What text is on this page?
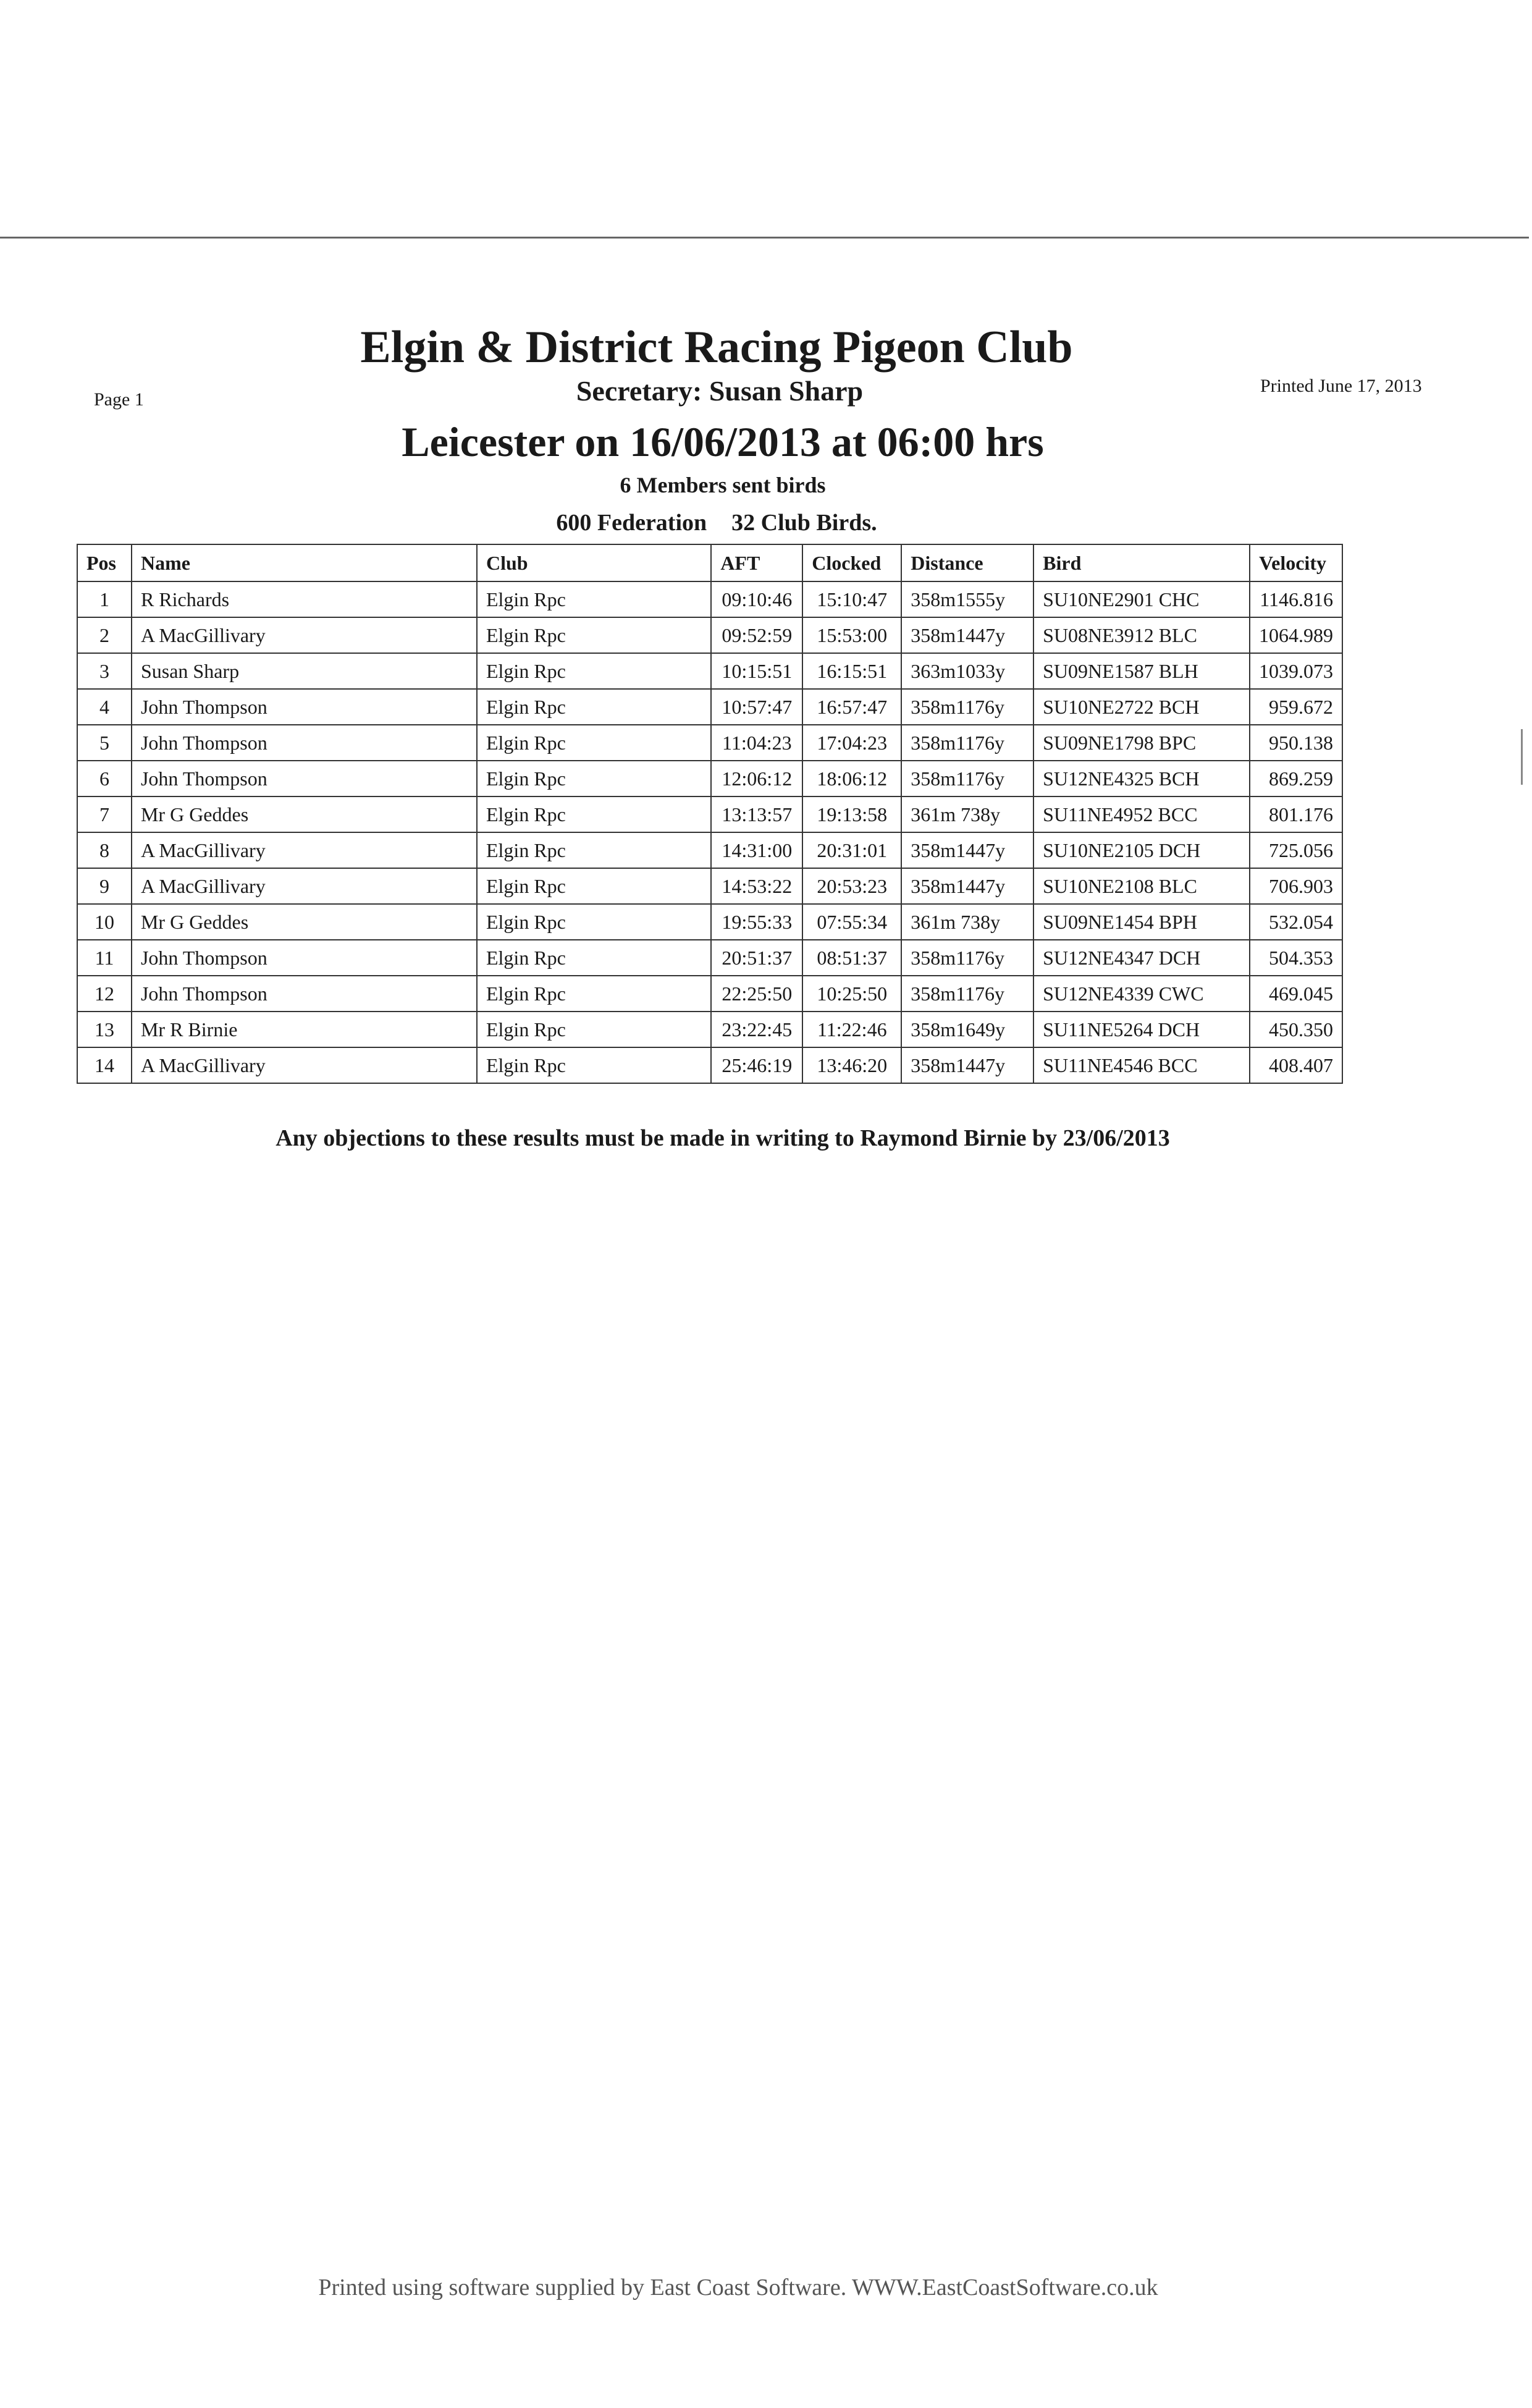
Page 1
Printed June 17, 2013
Elgin & District Racing Pigeon Club
Secretary: Susan Sharp
Leicester on 16/06/2013 at 06:00 hrs
6 Members sent birds
600 Federation 32 Club Birds.
Pos	Name	Club	AFT	Clocked	Distance	Bird	Velocity
1	R Richards	Elgin Rpc	09:10:46	15:10:47	358m1555y	SU10NE2901 CHC	1146.816
2	A MacGillivary	Elgin Rpc	09:52:59	15:53:00	358m1447y	SU08NE3912 BLC	1064.989
3	Susan Sharp	Elgin Rpc	10:15:51	16:15:51	363m1033y	SU09NE1587 BLH	1039.073
4	John Thompson	Elgin Rpc	10:57:47	16:57:47	358m1176y	SU10NE2722 BCH	959.672
5	John Thompson	Elgin Rpc	11:04:23	17:04:23	358m1176y	SU09NE1798 BPC	950.138
6	John Thompson	Elgin Rpc	12:06:12	18:06:12	358m1176y	SU12NE4325 BCH	869.259
7	Mr G Geddes	Elgin Rpc	13:13:57	19:13:58	361m 738y	SU11NE4952 BCC	801.176
8	A MacGillivary	Elgin Rpc	14:31:00	20:31:01	358m1447y	SU10NE2105 DCH	725.056
9	A MacGillivary	Elgin Rpc	14:53:22	20:53:23	358m1447y	SU10NE2108 BLC	706.903
10	Mr G Geddes	Elgin Rpc	19:55:33	07:55:34	361m 738y	SU09NE1454 BPH	532.054
11	John Thompson	Elgin Rpc	20:51:37	08:51:37	358m1176y	SU12NE4347 DCH	504.353
12	John Thompson	Elgin Rpc	22:25:50	10:25:50	358m1176y	SU12NE4339 CWC	469.045
13	Mr R Birnie	Elgin Rpc	23:22:45	11:22:46	358m1649y	SU11NE5264 DCH	450.350
14	A MacGillivary	Elgin Rpc	25:46:19	13:46:20	358m1447y	SU11NE4546 BCC	408.407
Any objections to these results must be made in writing to Raymond Birnie by 23/06/2013
Printed using software supplied by East Coast Software. WWW.EastCoastSoftware.co.uk
